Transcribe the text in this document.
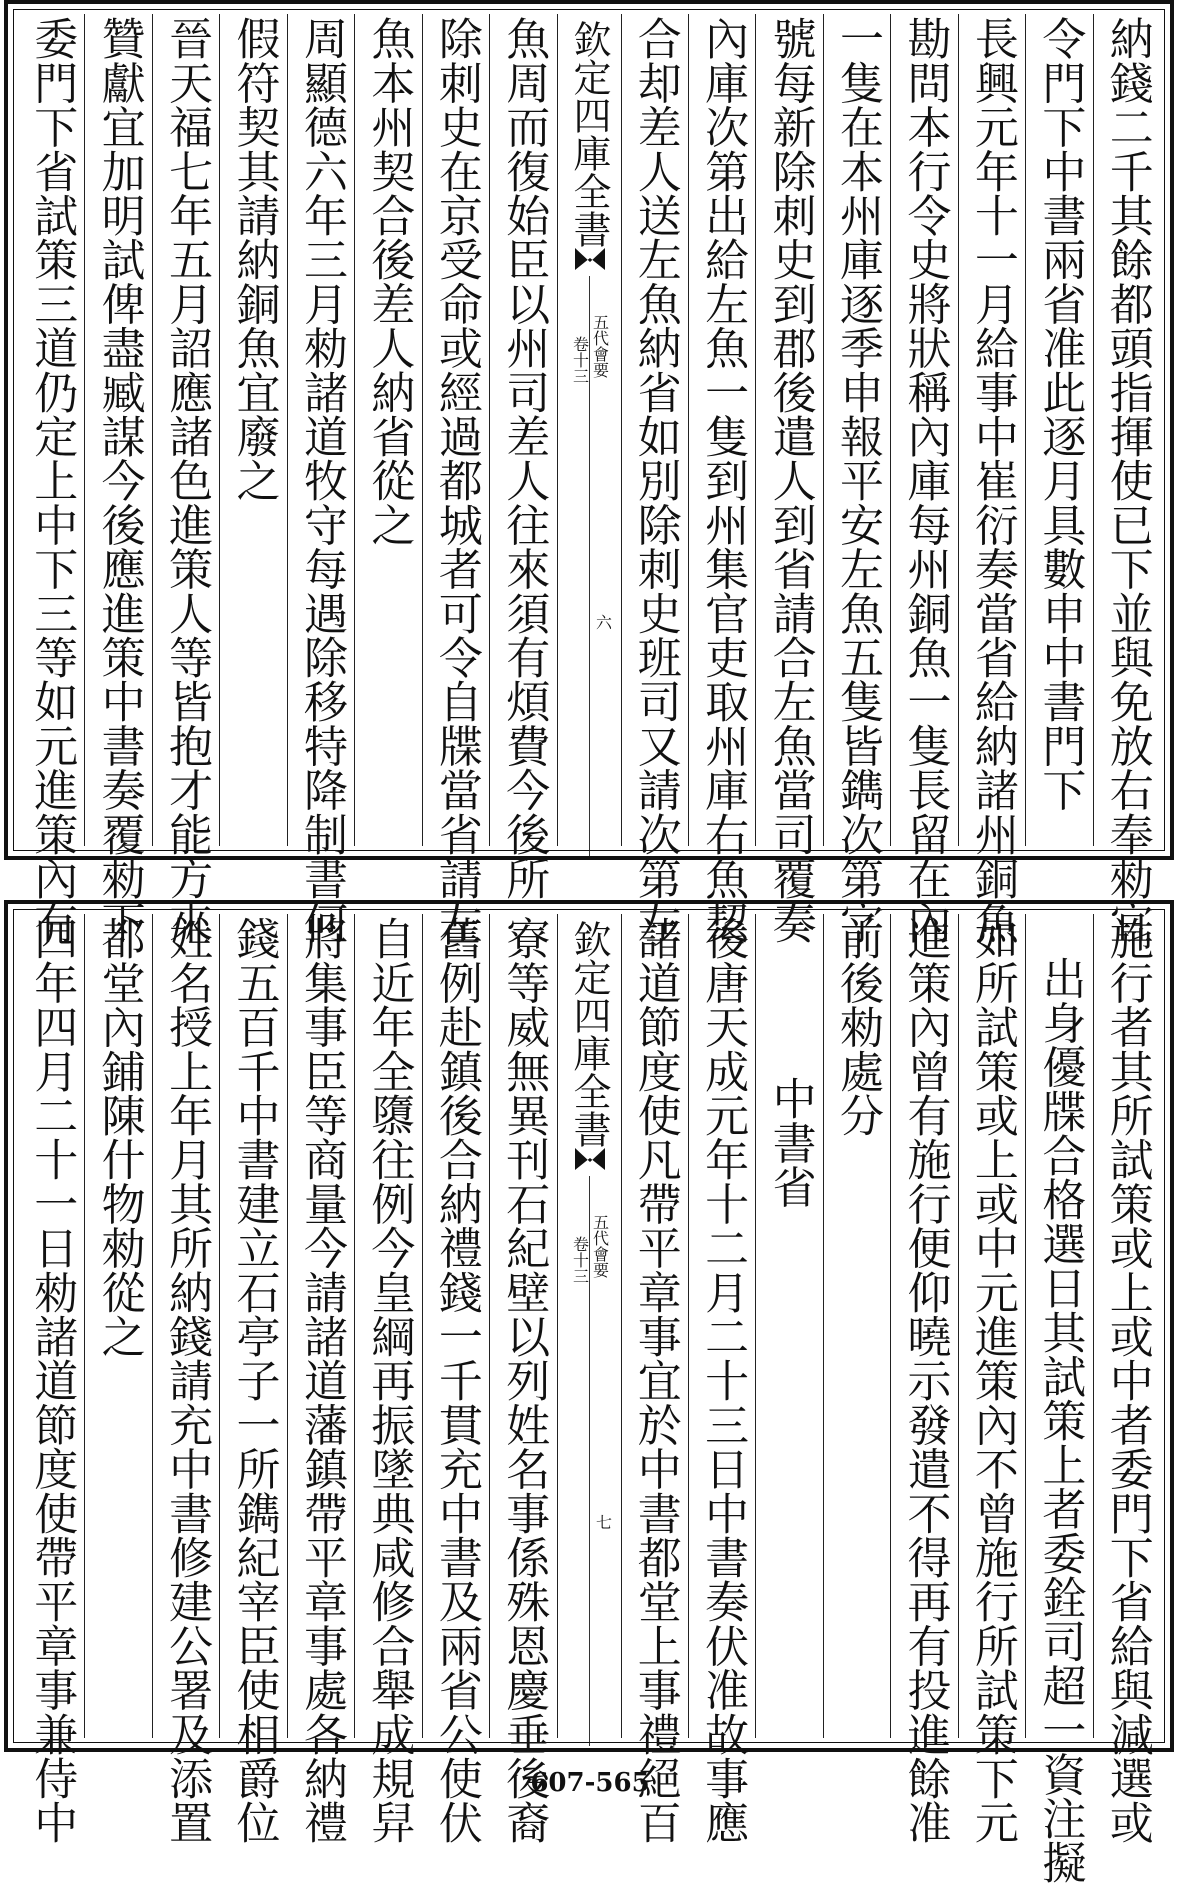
納錢二千其餘都頭指揮使已下並與免放右奉勑宜
令門下中書兩省准此逐月具數申中書門下
長興元年十一月給事中崔衍奏當省給納諸州銅魚
勘問本行令史將狀稱內庫每州銅魚一隻長留在內
一隻在本州庫逐季申報平安左魚五隻皆鐫次第字
號每新除刺史到郡後遣人到省請合左魚當司覆奏
內庫次第出給左魚一隻到州集官吏取州庫右魚契
合却差人送左魚納省如別除刺史班司又請次第左
欽定四庫全書
五代會要
卷十三
六
魚周而復始臣以州司差人往來須有煩費今後所
除刺史在京受命或經過都城者可令自牒當省請左
魚本州契合後差人納省從之
周顯德六年三月勑諸道牧守每遇除移特降制書何
假符契其請納銅魚宜廢之
晉天福七年五月詔應諸色進策人等皆抱才能方來
贊獻宜加明試俾盡臧謀今後應進策中書奏覆勑下
委門下省試策三道仍定上中下三等如元進策內有
施行者其所試策或上或中者委門下省給與減選或
出身優牒合格選日其試策上者委銓司超一資注擬
如所試策或上或中元進策內不曾施行所試策下元
進策內曾有施行便仰曉示發遣不得再有投進餘准
前後勑處分
中書省
後唐天成元年十二月二十三日中書奏伏准故事應
諸道節度使凡帶平章事宜於中書都堂上事禮絕百
欽定四庫全書
五代會要
卷十三
七
寮等威無異刊石紀壁以列姓名事係殊恩慶垂後裔
舊例赴鎮後合納禮錢一千貫充中書及兩省公使伏
自近年全隳往例今皇綱再振墜典咸修合舉成規舁
將集事臣等商量今請諸道藩鎮帶平章事處各納禮
錢五百千中書建立石亭子一所鐫紀宰臣使相爵位
姓名授上年月其所納錢請充中書修建公署及添置
都堂內鋪陳什物勑從之
四年四月二十一日勑諸道節度使帶平章事兼侍中	607-565
